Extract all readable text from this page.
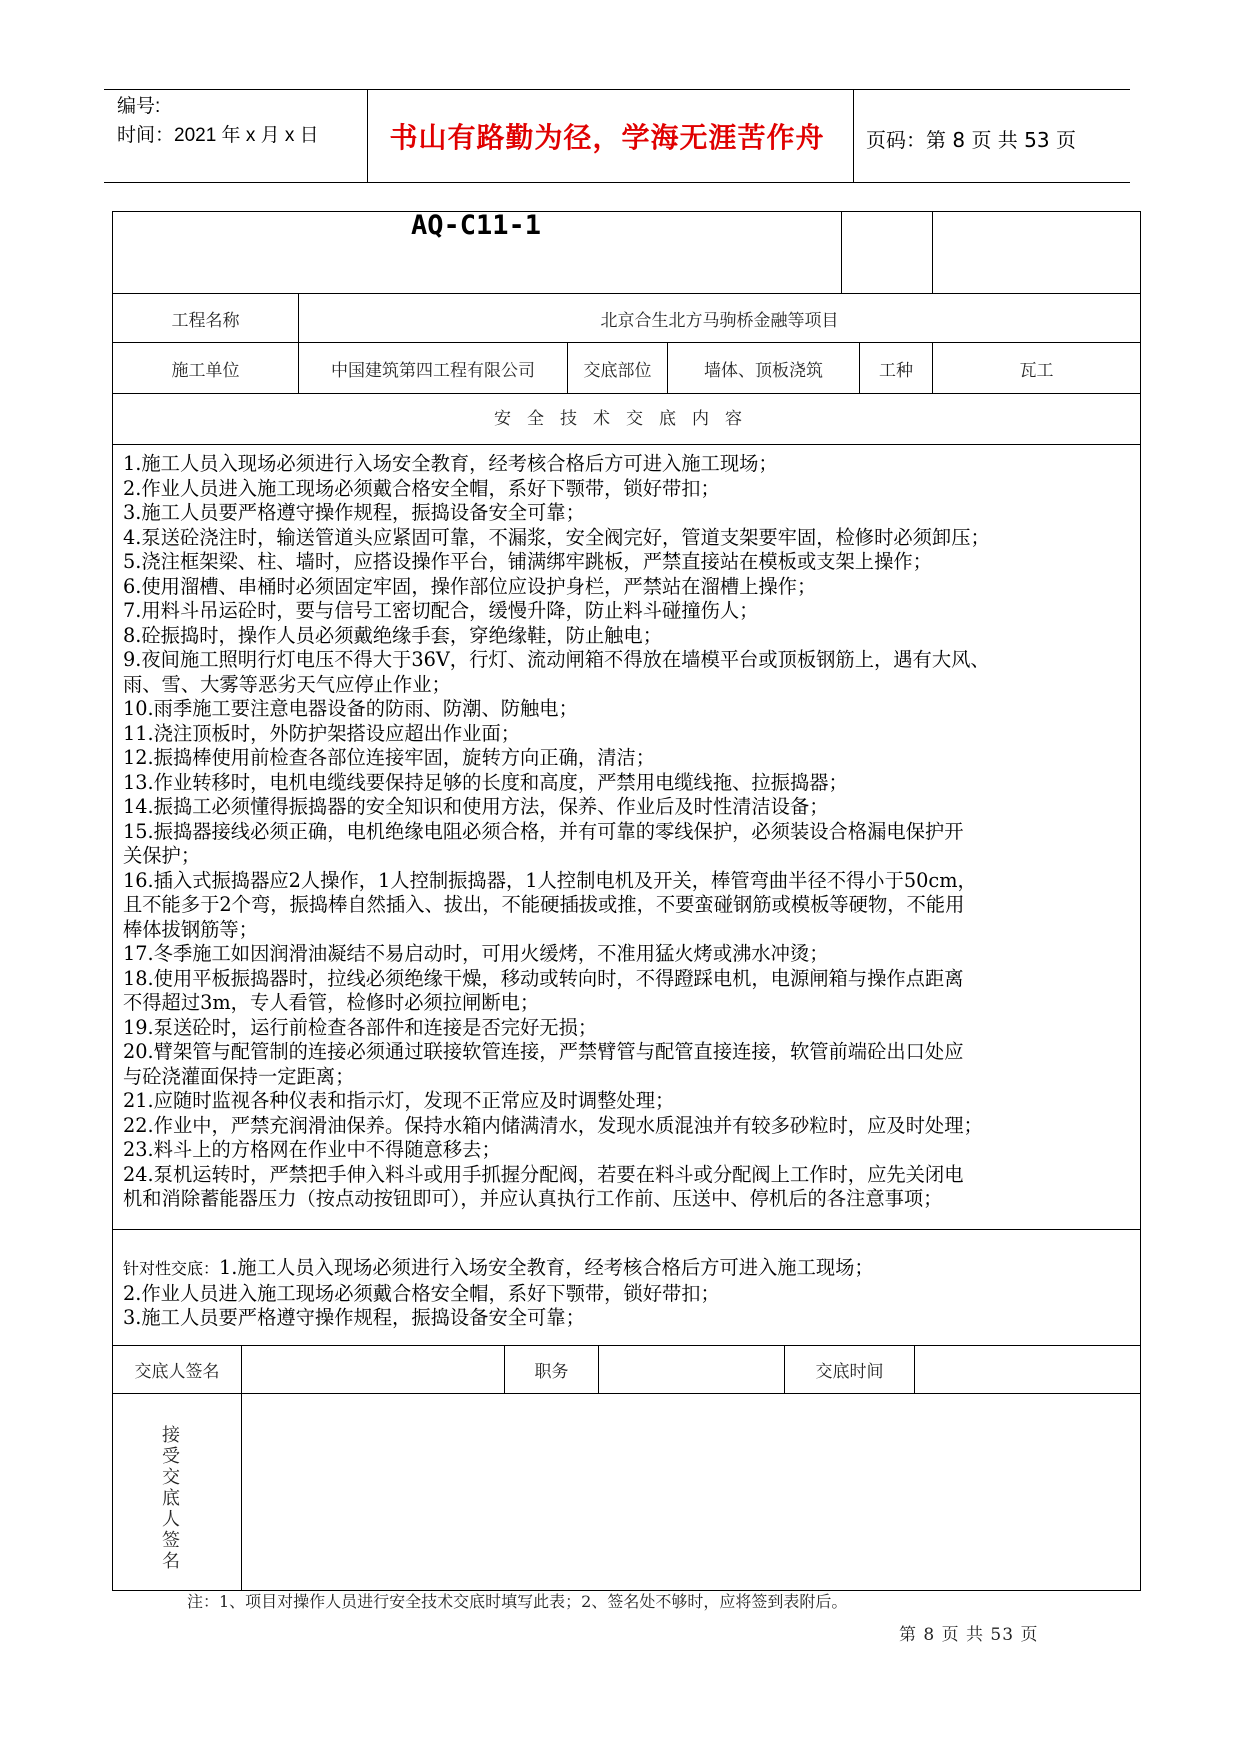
编号:
时间：2021 年 x 月 x 日	书山有路勤为径，学海无涯苦作舟	页码：第 8 页 共 53 页
AQ-C11-1
工程名称	北京合生北方马驹桥金融等项目
施工单位	中国建筑第四工程有限公司	交底部位	墙体、顶板浇筑	工种	瓦工
安全技术交底内容
1.施工人员入现场必须进行入场安全教育，经考核合格后方可进入施工现场；
2.作业人员进入施工现场必须戴合格安全帽，系好下颚带，锁好带扣；
3.施工人员要严格遵守操作规程，振捣设备安全可靠；
4.泵送砼浇注时，输送管道头应紧固可靠，不漏浆，安全阀完好，管道支架要牢固，检修时必须卸压；
5.浇注框架梁、柱、墙时，应搭设操作平台，铺满绑牢跳板，严禁直接站在模板或支架上操作；
6.使用溜槽、串桶时必须固定牢固，操作部位应设护身栏，严禁站在溜槽上操作；
7.用料斗吊运砼时，要与信号工密切配合，缓慢升降，防止料斗碰撞伤人；
8.砼振捣时，操作人员必须戴绝缘手套，穿绝缘鞋，防止触电；
9.夜间施工照明行灯电压不得大于36V，行灯、流动闸箱不得放在墙模平台或顶板钢筋上，遇有大风、
雨、雪、大雾等恶劣天气应停止作业；
10.雨季施工要注意电器设备的防雨、防潮、防触电；
11.浇注顶板时，外防护架搭设应超出作业面；
12.振捣棒使用前检查各部位连接牢固，旋转方向正确，清洁；
13.作业转移时，电机电缆线要保持足够的长度和高度，严禁用电缆线拖、拉振捣器；
14.振捣工必须懂得振捣器的安全知识和使用方法，保养、作业后及时性清洁设备；
15.振捣器接线必须正确，电机绝缘电阻必须合格，并有可靠的零线保护，必须装设合格漏电保护开
关保护；
16.插入式振捣器应2人操作，1人控制振捣器，1人控制电机及开关，棒管弯曲半径不得小于50cm，
且不能多于2个弯，振捣棒自然插入、拔出，不能硬插拔或推，不要蛮碰钢筋或模板等硬物，不能用
棒体拔钢筋等；
17.冬季施工如因润滑油凝结不易启动时，可用火缓烤，不准用猛火烤或沸水冲烫；
18.使用平板振捣器时，拉线必须绝缘干燥，移动或转向时，不得蹬踩电机，电源闸箱与操作点距离
不得超过3m，专人看管，检修时必须拉闸断电；
19.泵送砼时，运行前检查各部件和连接是否完好无损；
20.臂架管与配管制的连接必须通过联接软管连接，严禁臂管与配管直接连接，软管前端砼出口处应
与砼浇灌面保持一定距离；
21.应随时监视各种仪表和指示灯，发现不正常应及时调整处理；
22.作业中，严禁充润滑油保养。保持水箱内储满清水，发现水质混浊并有较多砂粒时，应及时处理；
23.料斗上的方格网在作业中不得随意移去；
24.泵机运转时，严禁把手伸入料斗或用手抓握分配阀，若要在料斗或分配阀上工作时，应先关闭电
机和消除蓄能器压力（按点动按钮即可），并应认真执行工作前、压送中、停机后的各注意事项；
针对性交底：1.施工人员入现场必须进行入场安全教育，经考核合格后方可进入施工现场；
2.作业人员进入施工现场必须戴合格安全帽，系好下颚带，锁好带扣；
3.施工人员要严格遵守操作规程，振捣设备安全可靠；
交底人签名	职务	交底时间
接受交底人签名
注：1、项目对操作人员进行安全技术交底时填写此表；2、签名处不够时，应将签到表附后。
第 8 页 共 53 页
